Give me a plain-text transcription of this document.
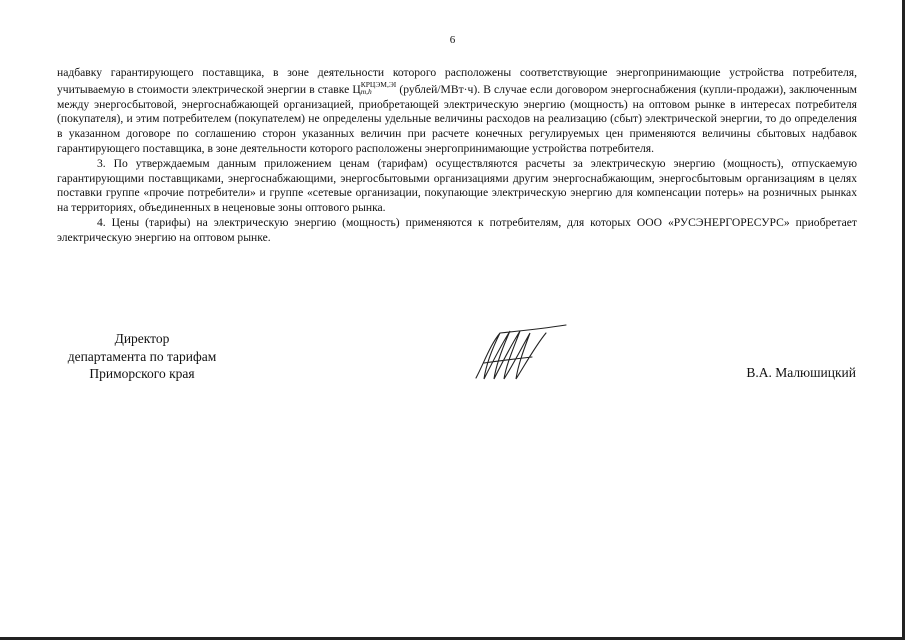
6

надбавку гарантирующего поставщика, в зоне деятельности которого расположены соответствующие энергопринимающие устройства потребителя, учитываемую в стоимости электрической энергии в ставке Ц КРЦЭМ,ЭІ
m,h	(рублей/МВт·ч). В случае если договором энергоснабжения (купли-продажи), заключенным между энергосбытовой, энергоснабжающей организацией, приобретающей электрическую энергию (мощность) на оптовом рынке в интересах потребителя (покупателя), и этим потребителем (покупателем) не определены удельные величины расходов на реализацию (сбыт) электрической энергии, то до определения в указанном договоре по соглашению сторон указанных величин при расчете конечных регулируемых цен применяются величины сбытовых надбавок гарантирующего поставщика, в зоне деятельности которого расположены энергопринимающие устройства потребителя.

3. По утверждаемым данным приложением ценам (тарифам) осуществляются расчеты за электрическую энергию (мощность), отпускаемую гарантирующими поставщиками, энергоснабжающими, энергосбытовыми организациями другим энергоснабжающим, энергосбытовым организациям в целях поставки группе «прочие потребители» и группе «сетевые организации, покупающие электрическую энергию для компенсации потерь» на розничных рынках на территориях, объединенных в неценовые зоны оптового рынка.

4. Цены (тарифы) на электрическую энергию (мощность) применяются к потребителям, для которых ООО «РУСЭНЕРГОРЕСУРС» приобретает электрическую энергию на оптовом рынке.

Директор
департамента по тарифам
Приморского края	В.А. Малюшицкий
